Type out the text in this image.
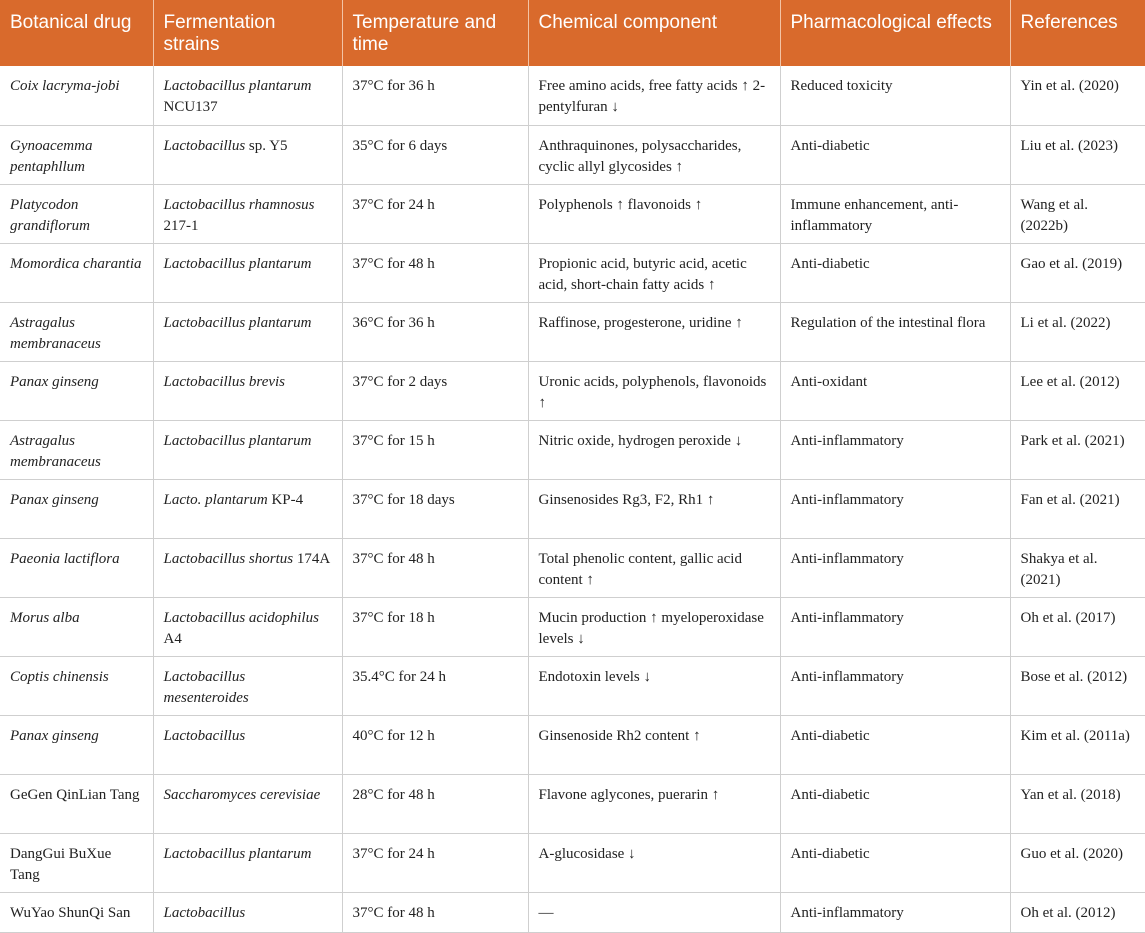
Botanical drug	Fermentation strains	Temperature and time	Chemical component	Pharmacological effects	References
Coix lacryma-jobi	Lactobacillus plantarum NCU137	37°C for 36 h	Free amino acids, free fatty acids ↑ 2-pentylfuran ↓	Reduced toxicity	Yin et al. (2020)
Gynoacemma pentaphllum	Lactobacillus sp. Y5	35°C for 6 days	Anthraquinones, polysaccharides, cyclic allyl glycosides ↑	Anti-diabetic	Liu et al. (2023)
Platycodon grandiflorum	Lactobacillus rhamnosus 217-1	37°C for 24 h	Polyphenols ↑ flavonoids ↑	Immune enhancement, anti-inflammatory	Wang et al. (2022b)
Momordica charantia	Lactobacillus plantarum	37°C for 48 h	Propionic acid, butyric acid, acetic acid, short-chain fatty acids ↑	Anti-diabetic	Gao et al. (2019)
Astragalus membranaceus	Lactobacillus plantarum	36°C for 36 h	Raffinose, progesterone, uridine ↑	Regulation of the intestinal flora	Li et al. (2022)
Panax ginseng	Lactobacillus brevis	37°C for 2 days	Uronic acids, polyphenols, flavonoids ↑	Anti-oxidant	Lee et al. (2012)
Astragalus membranaceus	Lactobacillus plantarum	37°C for 15 h	Nitric oxide, hydrogen peroxide ↓	Anti-inflammatory	Park et al. (2021)
Panax ginseng	Lacto. plantarum KP-4	37°C for 18 days	Ginsenosides Rg3, F2, Rh1 ↑	Anti-inflammatory	Fan et al. (2021)
Paeonia lactiflora	Lactobacillus shortus 174A	37°C for 48 h	Total phenolic content, gallic acid content ↑	Anti-inflammatory	Shakya et al. (2021)
Morus alba	Lactobacillus acidophilus A4	37°C for 18 h	Mucin production ↑ myeloperoxidase levels ↓	Anti-inflammatory	Oh et al. (2017)
Coptis chinensis	Lactobacillus mesenteroides	35.4°C for 24 h	Endotoxin levels ↓	Anti-inflammatory	Bose et al. (2012)
Panax ginseng	Lactobacillus	40°C for 12 h	Ginsenoside Rh2 content ↑	Anti-diabetic	Kim et al. (2011a)
GeGen QinLian Tang	Saccharomyces cerevisiae	28°C for 48 h	Flavone aglycones, puerarin ↑	Anti-diabetic	Yan et al. (2018)
DangGui BuXue Tang	Lactobacillus plantarum	37°C for 24 h	A-glucosidase ↓	Anti-diabetic	Guo et al. (2020)
WuYao ShunQi San	Lactobacillus	37°C for 48 h	—	Anti-inflammatory	Oh et al. (2012)
